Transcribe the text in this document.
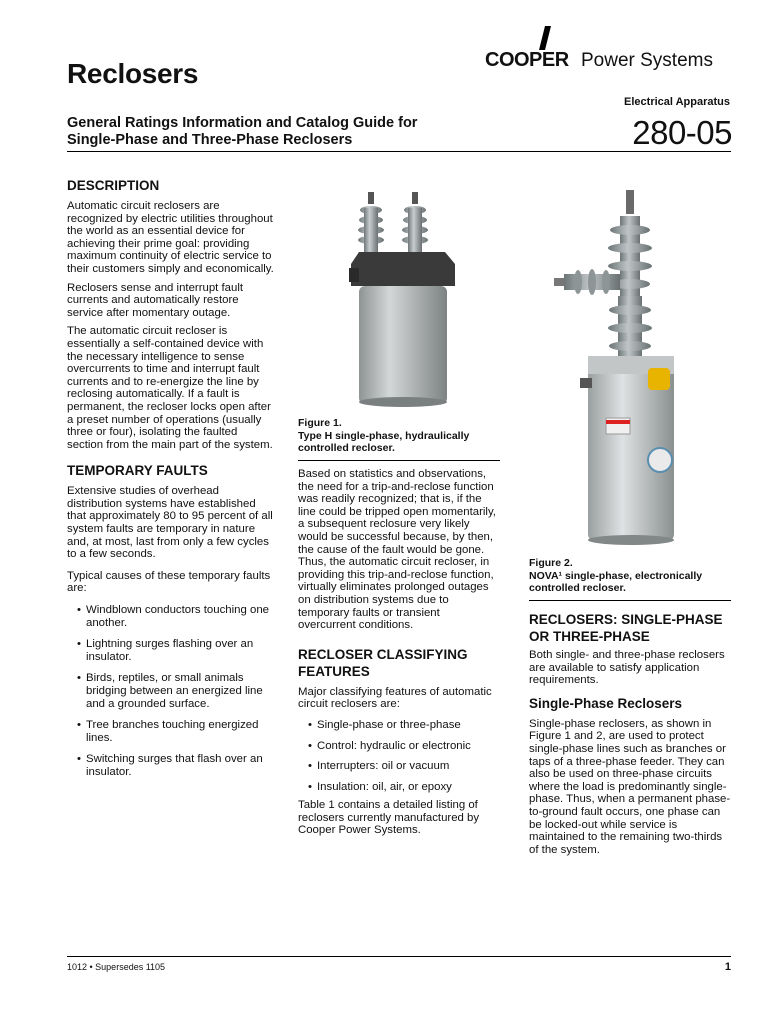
Reclosers	COOPER Power Systems
Electrical Apparatus
General Ratings Information and Catalog Guide for
Single-Phase and Three-Phase Reclosers	280-05
DESCRIPTION

Automatic circuit reclosers are recognized by electric utilities throughout the world as an essential device for achieving their prime goal: providing maximum continuity of electric service to their customers simply and economically.

Reclosers sense and interrupt fault currents and automatically restore service after momentary outage.

The automatic circuit recloser is essentially a self-contained device with the necessary intelligence to sense overcurrents to time and interrupt fault currents and to re-energize the line by reclosing automatically. If a fault is permanent, the recloser locks open after a preset number of operations (usually three or four), isolating the faulted section from the main part of the system.

TEMPORARY FAULTS

Extensive studies of overhead distribution systems have established that approximately 80 to 95 percent of all system faults are temporary in nature and, at most, last from only a few cycles to a few seconds.

Typical causes of these temporary faults are:

• Windblown conductors touching one another.
• Lightning surges flashing over an insulator.
• Birds, reptiles, or small animals bridging between an energized line and a grounded surface.
• Tree branches touching energized lines.
• Switching surges that flash over an insulator.
Figure 1.
Type H single-phase, hydraulically controlled recloser.

Based on statistics and observations, the need for a trip-and-reclose function was readily recognized; that is, if the line could be tripped open momentarily, a subsequent reclosure very likely would be successful because, by then, the cause of the fault would be gone. Thus, the automatic circuit recloser, in providing this trip-and-reclose function, virtually eliminates prolonged outages on distribution systems due to temporary faults or transient overcurrent conditions.

RECLOSER CLASSIFYING FEATURES

Major classifying features of automatic circuit reclosers are:

• Single-phase or three-phase
• Control: hydraulic or electronic
• Interrupters: oil or vacuum
• Insulation: oil, air, or epoxy

Table 1 contains a detailed listing of reclosers currently manufactured by Cooper Power Systems.

Figure 2.
NOVA¹ single-phase, electronically controlled recloser.
RECLOSERS: SINGLE-PHASE OR THREE-PHASE

Both single- and three-phase reclosers are available to satisfy application requirements.

Single-Phase Reclosers

Single-phase reclosers, as shown in Figure 1 and 2, are used to protect single-phase lines such as branches or taps of a three-phase feeder. They can also be used on three-phase circuits where the load is predominantly single-phase. Thus, when a permanent phase-to-ground fault occurs, one phase can be locked-out while service is maintained to the remaining two-thirds of the system.

1012 • Supersedes 1105	1
